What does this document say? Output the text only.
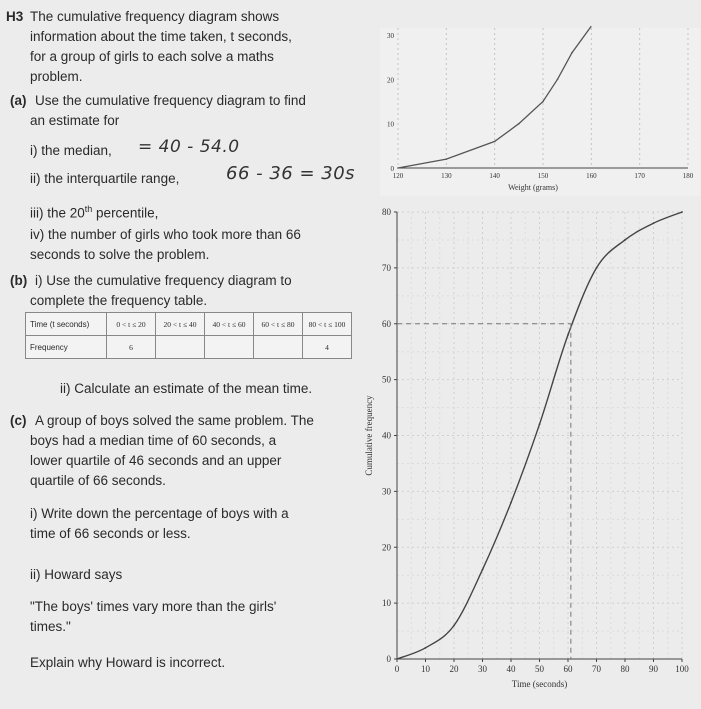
H3 The cumulative frequency diagram shows
information about the time taken, t seconds,
for a group of girls to each solve a maths
problem.
(a) Use the cumulative frequency diagram to find
an estimate for
i) the median, = 40 - 54.0
ii) the interquartile range,	66 - 36 = 30s
iii) the 20th percentile,
iv) the number of girls who took more than 66
seconds to solve the problem.
(b) i) Use the cumulative frequency diagram to
complete the frequency table.
Time (t seconds)	0 < t ≤ 20	20 < t ≤ 40	40 < t ≤ 60	60 < t ≤ 80	80 < t ≤ 100
Frequency	6				4
ii) Calculate an estimate of the mean time.
(c) A group of boys solved the same problem. The
boys had a median time of 60 seconds, a
lower quartile of 46 seconds and an upper
quartile of 66 seconds.
i) Write down the percentage of boys with a
time of 66 seconds or less.
ii) Howard says
"The boys' times vary more than the girls'
times."
Explain why Howard is incorrect.
120	130	140	150	160	170	180
0
10
20
30
Weight (grams)
0 10 20 30 40 50 60 70 80 90 100
0
10
20
30
40
50
60
70
80
Time (seconds)
Cumulative frequency
